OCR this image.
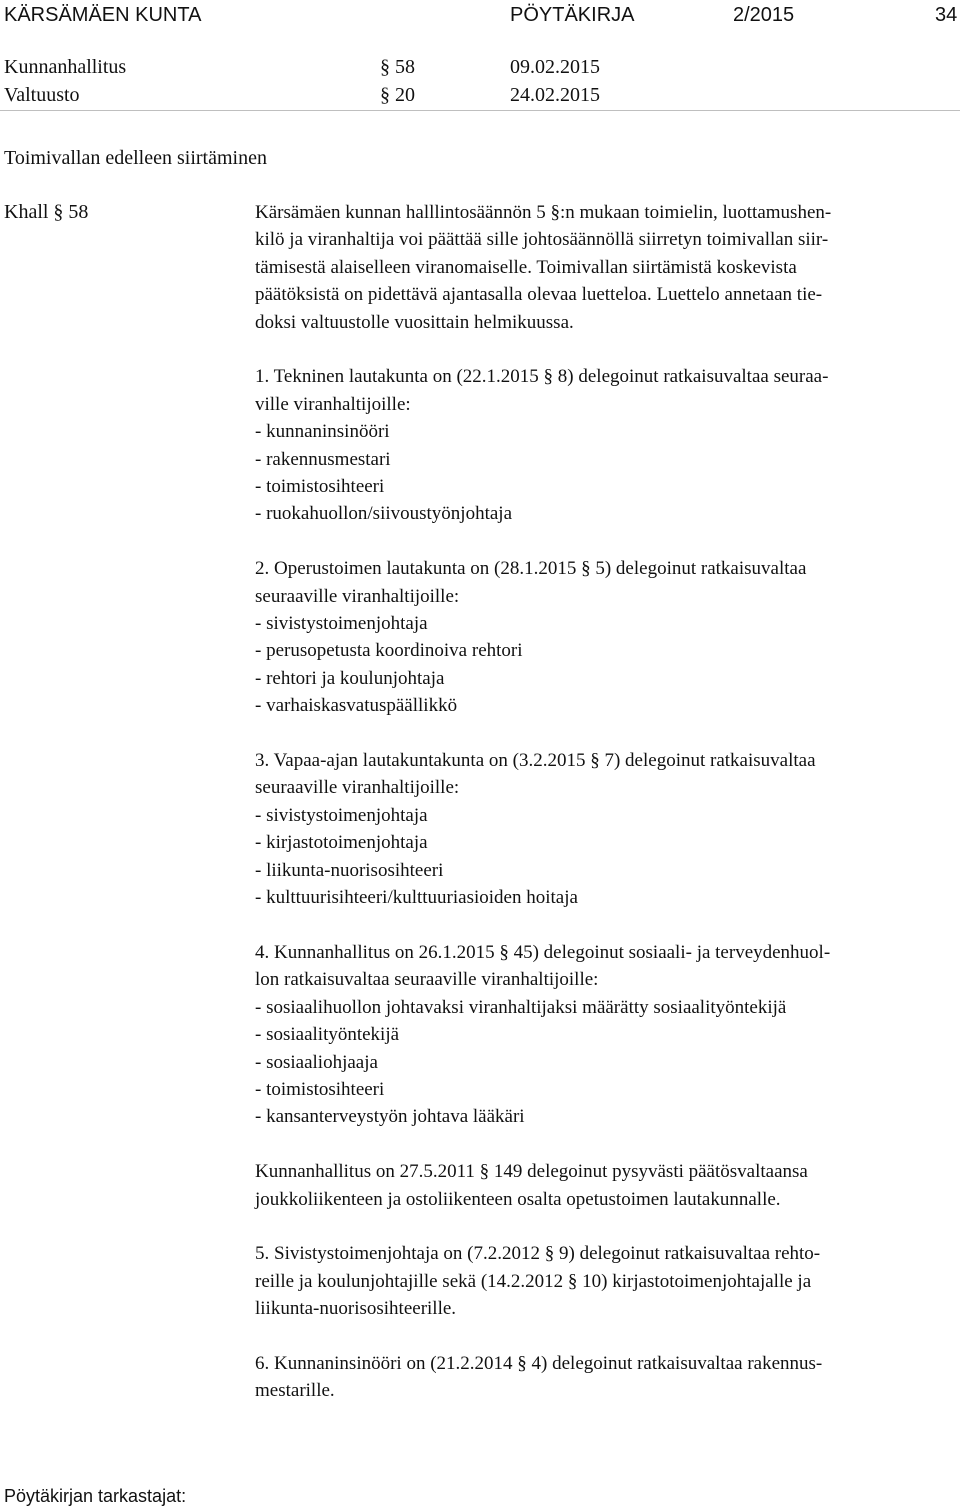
KÄRSÄMÄEN KUNTA	PÖYTÄKIRJA	2/2015	34
Kunnanhallitus	§ 58	09.02.2015
Valtuusto	§ 20	24.02.2015
Toimivallan edelleen siirtäminen
Khall § 58	Kärsämäen kunnan halllintosäännön 5 §:n mukaan toimielin, luottamushen-
kilö ja viranhaltija voi päättää sille johtosäännöllä siirretyn toimivallan siir-
tämisestä alaiselleen viranomaiselle. Toimivallan siirtämistä koskevista
päätöksistä on pidettävä ajantasalla olevaa luetteloa. Luettelo annetaan tie-
doksi valtuustolle vuosittain helmikuussa.

1. Tekninen lautakunta on (22.1.2015 § 8) delegoinut ratkaisuvaltaa seuraa-
ville viranhaltijoille:
- kunnaninsinööri
- rakennusmestari
- toimistosihteeri
- ruokahuollon/siivoustyönjohtaja

2. Operustoimen lautakunta on (28.1.2015 § 5) delegoinut ratkaisuvaltaa
seuraaville viranhaltijoille:
- sivistystoimenjohtaja
- perusopetusta koordinoiva rehtori
- rehtori ja koulunjohtaja
- varhaiskasvatuspäällikkö

3. Vapaa-ajan lautakuntakunta on (3.2.2015 § 7) delegoinut ratkaisuvaltaa
seuraaville viranhaltijoille:
- sivistystoimenjohtaja
- kirjastotoimenjohtaja
- liikunta-nuorisosihteeri
- kulttuurisihteeri/kulttuuriasioiden hoitaja

4. Kunnanhallitus on 26.1.2015 § 45) delegoinut sosiaali- ja terveydenhuol-
lon ratkaisuvaltaa seuraaville viranhaltijoille:
- sosiaalihuollon johtavaksi viranhaltijaksi määrätty sosiaalityöntekijä
- sosiaalityöntekijä
- sosiaaliohjaaja
- toimistosihteeri
- kansanterveystyön johtava lääkäri

Kunnanhallitus on 27.5.2011 § 149 delegoinut pysyvästi päätösvaltaansa
joukkoliikenteen ja ostoliikenteen osalta opetustoimen lautakunnalle.

5. Sivistystoimenjohtaja on (7.2.2012 § 9) delegoinut ratkaisuvaltaa rehto-
reille ja koulunjohtajille sekä (14.2.2012 § 10) kirjastotoimenjohtajalle ja
liikunta-nuorisosihteerille.

6. Kunnaninsinööri on (21.2.2014 § 4) delegoinut ratkaisuvaltaa rakennus-
mestarille.

Pöytäkirjan tarkastajat:
